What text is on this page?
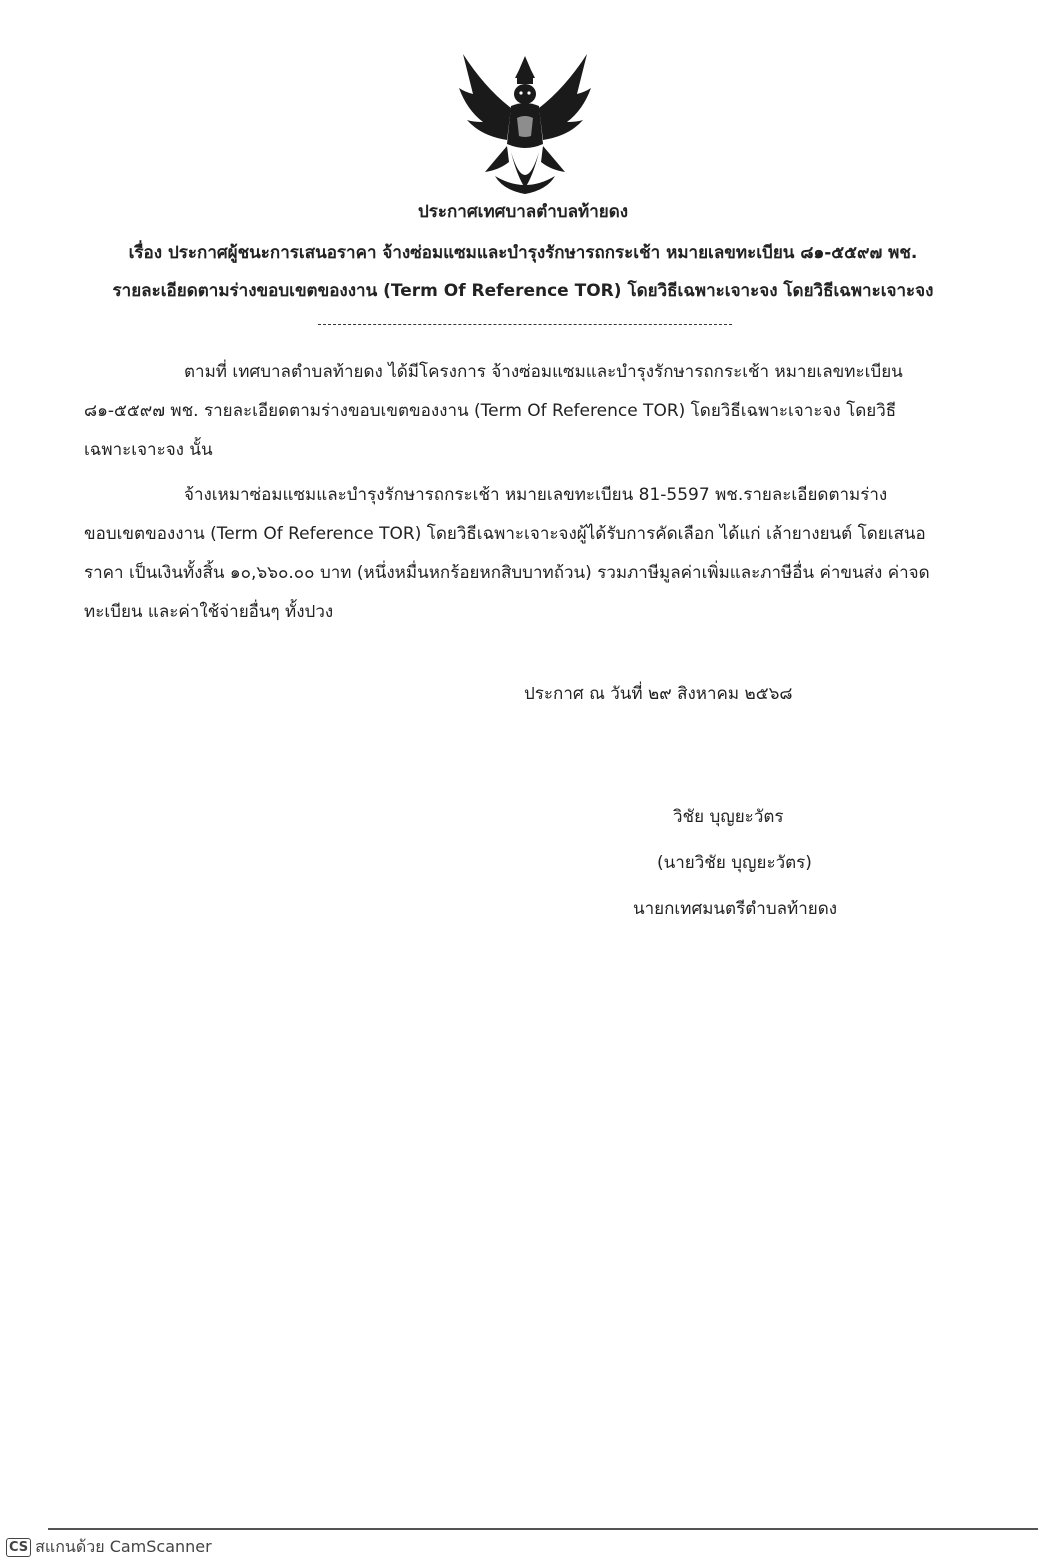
ประกาศเทศบาลตำบลท้ายดง
เรื่อง ประกาศผู้ชนะการเสนอราคา จ้างซ่อมแซมและบำรุงรักษารถกระเช้า หมายเลขทะเบียน ๘๑-๕๕๙๗ พช.
รายละเอียดตามร่างขอบเขตของงาน (Term Of Reference TOR) โดยวิธีเฉพาะเจาะจง โดยวิธีเฉพาะเจาะจง
ตามที่ เทศบาลตำบลท้ายดง ได้มีโครงการ จ้างซ่อมแซมและบำรุงรักษารถกระเช้า หมายเลขทะเบียน ๘๑-๕๕๙๗ พช. รายละเอียดตามร่างขอบเขตของงาน (Term Of Reference TOR) โดยวิธีเฉพาะเจาะจง โดยวิธี เฉพาะเจาะจง นั้น
จ้างเหมาซ่อมแซมและบำรุงรักษารถกระเช้า หมายเลขทะเบียน 81-5597 พช.รายละเอียดตามร่าง ขอบเขตของงาน (Term Of Reference TOR) โดยวิธีเฉพาะเจาะจงผู้ได้รับการคัดเลือก ได้แก่ เล้ายางยนต์ โดยเสนอ ราคา เป็นเงินทั้งสิ้น ๑๐,๖๖๐.๐๐ บาท (หนึ่งหมื่นหกร้อยหกสิบบาทถ้วน) รวมภาษีมูลค่าเพิ่มและภาษีอื่น ค่าขนส่ง ค่าจดทะเบียน และค่าใช้จ่ายอื่นๆ ทั้งปวง
ประกาศ ณ วันที่ ๒๙ สิงหาคม ๒๕๖๘
วิชัย บุญยะวัตร
(นายวิชัย บุญยะวัตร)
นายกเทศมนตรีตำบลท้ายดง
CS สแกนด้วย CamScanner
